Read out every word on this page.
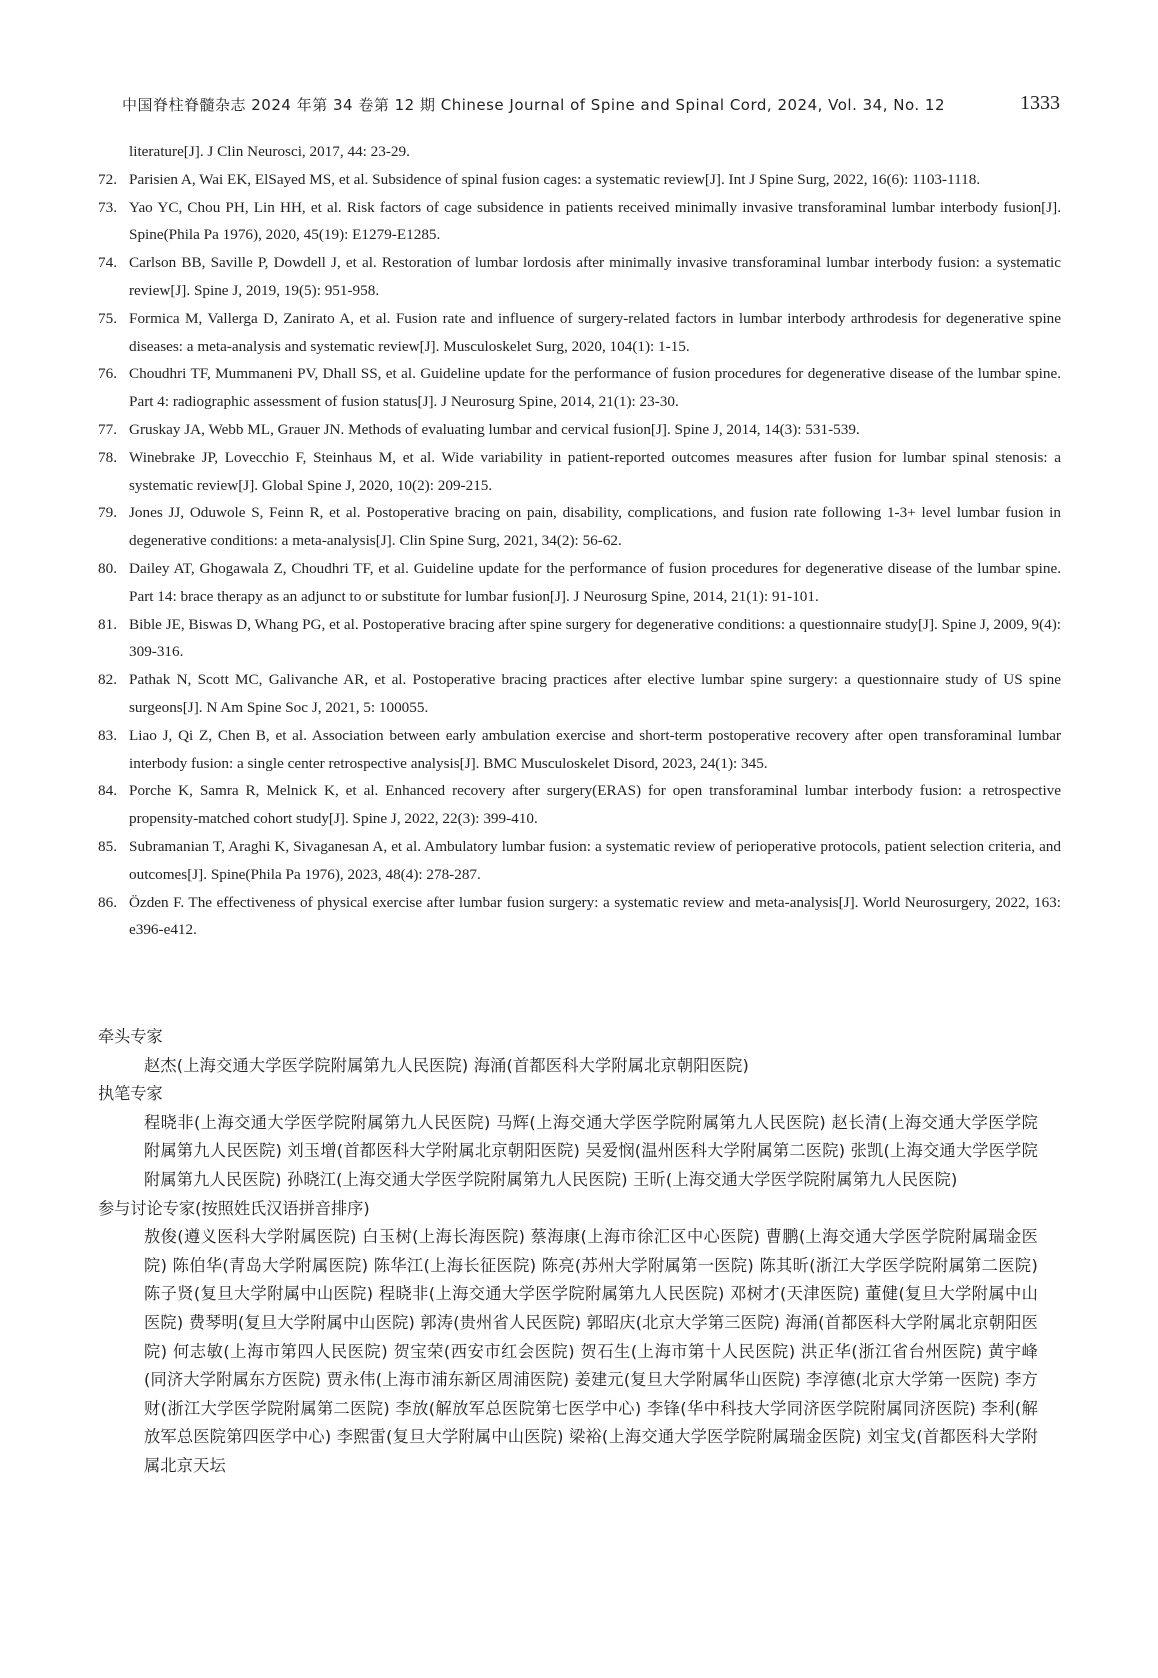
中国脊柱脊髓杂志 2024 年第 34 卷第 12 期 Chinese Journal of Spine and Spinal Cord, 2024, Vol. 34, No. 12	1333

literature[J]. J Clin Neurosci, 2017, 44: 23-29.

72. Parisien A, Wai EK, ElSayed MS, et al. Subsidence of spinal fusion cages: a systematic review[J]. Int J Spine Surg, 2022, 16(6): 1103-1118.

73. Yao YC, Chou PH, Lin HH, et al. Risk factors of cage subsidence in patients received minimally invasive transforaminal lumbar interbody fusion[J]. Spine(Phila Pa 1976), 2020, 45(19): E1279-E1285.

74. Carlson BB, Saville P, Dowdell J, et al. Restoration of lumbar lordosis after minimally invasive transforaminal lumbar interbody fusion: a systematic review[J]. Spine J, 2019, 19(5): 951-958.

75. Formica M, Vallerga D, Zanirato A, et al. Fusion rate and influence of surgery-related factors in lumbar interbody arthrodesis for degenerative spine diseases: a meta-analysis and systematic review[J]. Musculoskelet Surg, 2020, 104(1): 1-15.

76. Choudhri TF, Mummaneni PV, Dhall SS, et al. Guideline update for the performance of fusion procedures for degenerative disease of the lumbar spine. Part 4: radiographic assessment of fusion status[J]. J Neurosurg Spine, 2014, 21(1): 23-30.

77. Gruskay JA, Webb ML, Grauer JN. Methods of evaluating lumbar and cervical fusion[J]. Spine J, 2014, 14(3): 531-539.

78. Winebrake JP, Lovecchio F, Steinhaus M, et al. Wide variability in patient-reported outcomes measures after fusion for lumbar spinal stenosis: a systematic review[J]. Global Spine J, 2020, 10(2): 209-215.

79. Jones JJ, Oduwole S, Feinn R, et al. Postoperative bracing on pain, disability, complications, and fusion rate following 1-3+ level lumbar fusion in degenerative conditions: a meta-analysis[J]. Clin Spine Surg, 2021, 34(2): 56-62.

80. Dailey AT, Ghogawala Z, Choudhri TF, et al. Guideline update for the performance of fusion procedures for degenerative disease of the lumbar spine. Part 14: brace therapy as an adjunct to or substitute for lumbar fusion[J]. J Neurosurg Spine, 2014, 21(1): 91-101.

81. Bible JE, Biswas D, Whang PG, et al. Postoperative bracing after spine surgery for degenerative conditions: a questionnaire study[J]. Spine J, 2009, 9(4): 309-316.

82. Pathak N, Scott MC, Galivanche AR, et al. Postoperative bracing practices after elective lumbar spine surgery: a questionnaire study of US spine surgeons[J]. N Am Spine Soc J, 2021, 5: 100055.

83. Liao J, Qi Z, Chen B, et al. Association between early ambulation exercise and short-term postoperative recovery after open transforaminal lumbar interbody fusion: a single center retrospective analysis[J]. BMC Musculoskelet Disord, 2023, 24(1): 345.

84. Porche K, Samra R, Melnick K, et al. Enhanced recovery after surgery(ERAS) for open transforaminal lumbar interbody fusion: a retrospective propensity-matched cohort study[J]. Spine J, 2022, 22(3): 399-410.

85. Subramanian T, Araghi K, Sivaganesan A, et al. Ambulatory lumbar fusion: a systematic review of perioperative protocols, patient selection criteria, and outcomes[J]. Spine(Phila Pa 1976), 2023, 48(4): 278-287.

86. Özden F. The effectiveness of physical exercise after lumbar fusion surgery: a systematic review and meta-analysis[J]. World Neurosurgery, 2022, 163: e396-e412.

牵头专家

赵杰(上海交通大学医学院附属第九人民医院) 海涌(首都医科大学附属北京朝阳医院)

执笔专家

程晓非(上海交通大学医学院附属第九人民医院) 马辉(上海交通大学医学院附属第九人民医院) 赵长清(上海交通大学医学院附属第九人民医院) 刘玉增(首都医科大学附属北京朝阳医院) 吴爱悯(温州医科大学附属第二医院) 张凯(上海交通大学医学院附属第九人民医院) 孙晓江(上海交通大学医学院附属第九人民医院) 王昕(上海交通大学医学院附属第九人民医院)

参与讨论专家(按照姓氏汉语拼音排序)

敖俊(遵义医科大学附属医院) 白玉树(上海长海医院) 蔡海康(上海市徐汇区中心医院) 曹鹏(上海交通大学医学院附属瑞金医院) 陈伯华(青岛大学附属医院) 陈华江(上海长征医院) 陈亮(苏州大学附属第一医院) 陈其昕(浙江大学医学院附属第二医院) 陈子贤(复旦大学附属中山医院) 程晓非(上海交通大学医学院附属第九人民医院) 邓树才(天津医院) 董健(复旦大学附属中山医院) 费琴明(复旦大学附属中山医院) 郭涛(贵州省人民医院) 郭昭庆(北京大学第三医院) 海涌(首都医科大学附属北京朝阳医院) 何志敏(上海市第四人民医院) 贺宝荣(西安市红会医院) 贺石生(上海市第十人民医院) 洪正华(浙江省台州医院) 黄宇峰(同济大学附属东方医院) 贾永伟(上海市浦东新区周浦医院) 姜建元(复旦大学附属华山医院) 李淳德(北京大学第一医院) 李方财(浙江大学医学院附属第二医院) 李放(解放军总医院第七医学中心) 李锋(华中科技大学同济医学院附属同济医院) 李利(解放军总医院第四医学中心) 李熙雷(复旦大学附属中山医院) 梁裕(上海交通大学医学院附属瑞金医院) 刘宝戈(首都医科大学附属北京天坛
